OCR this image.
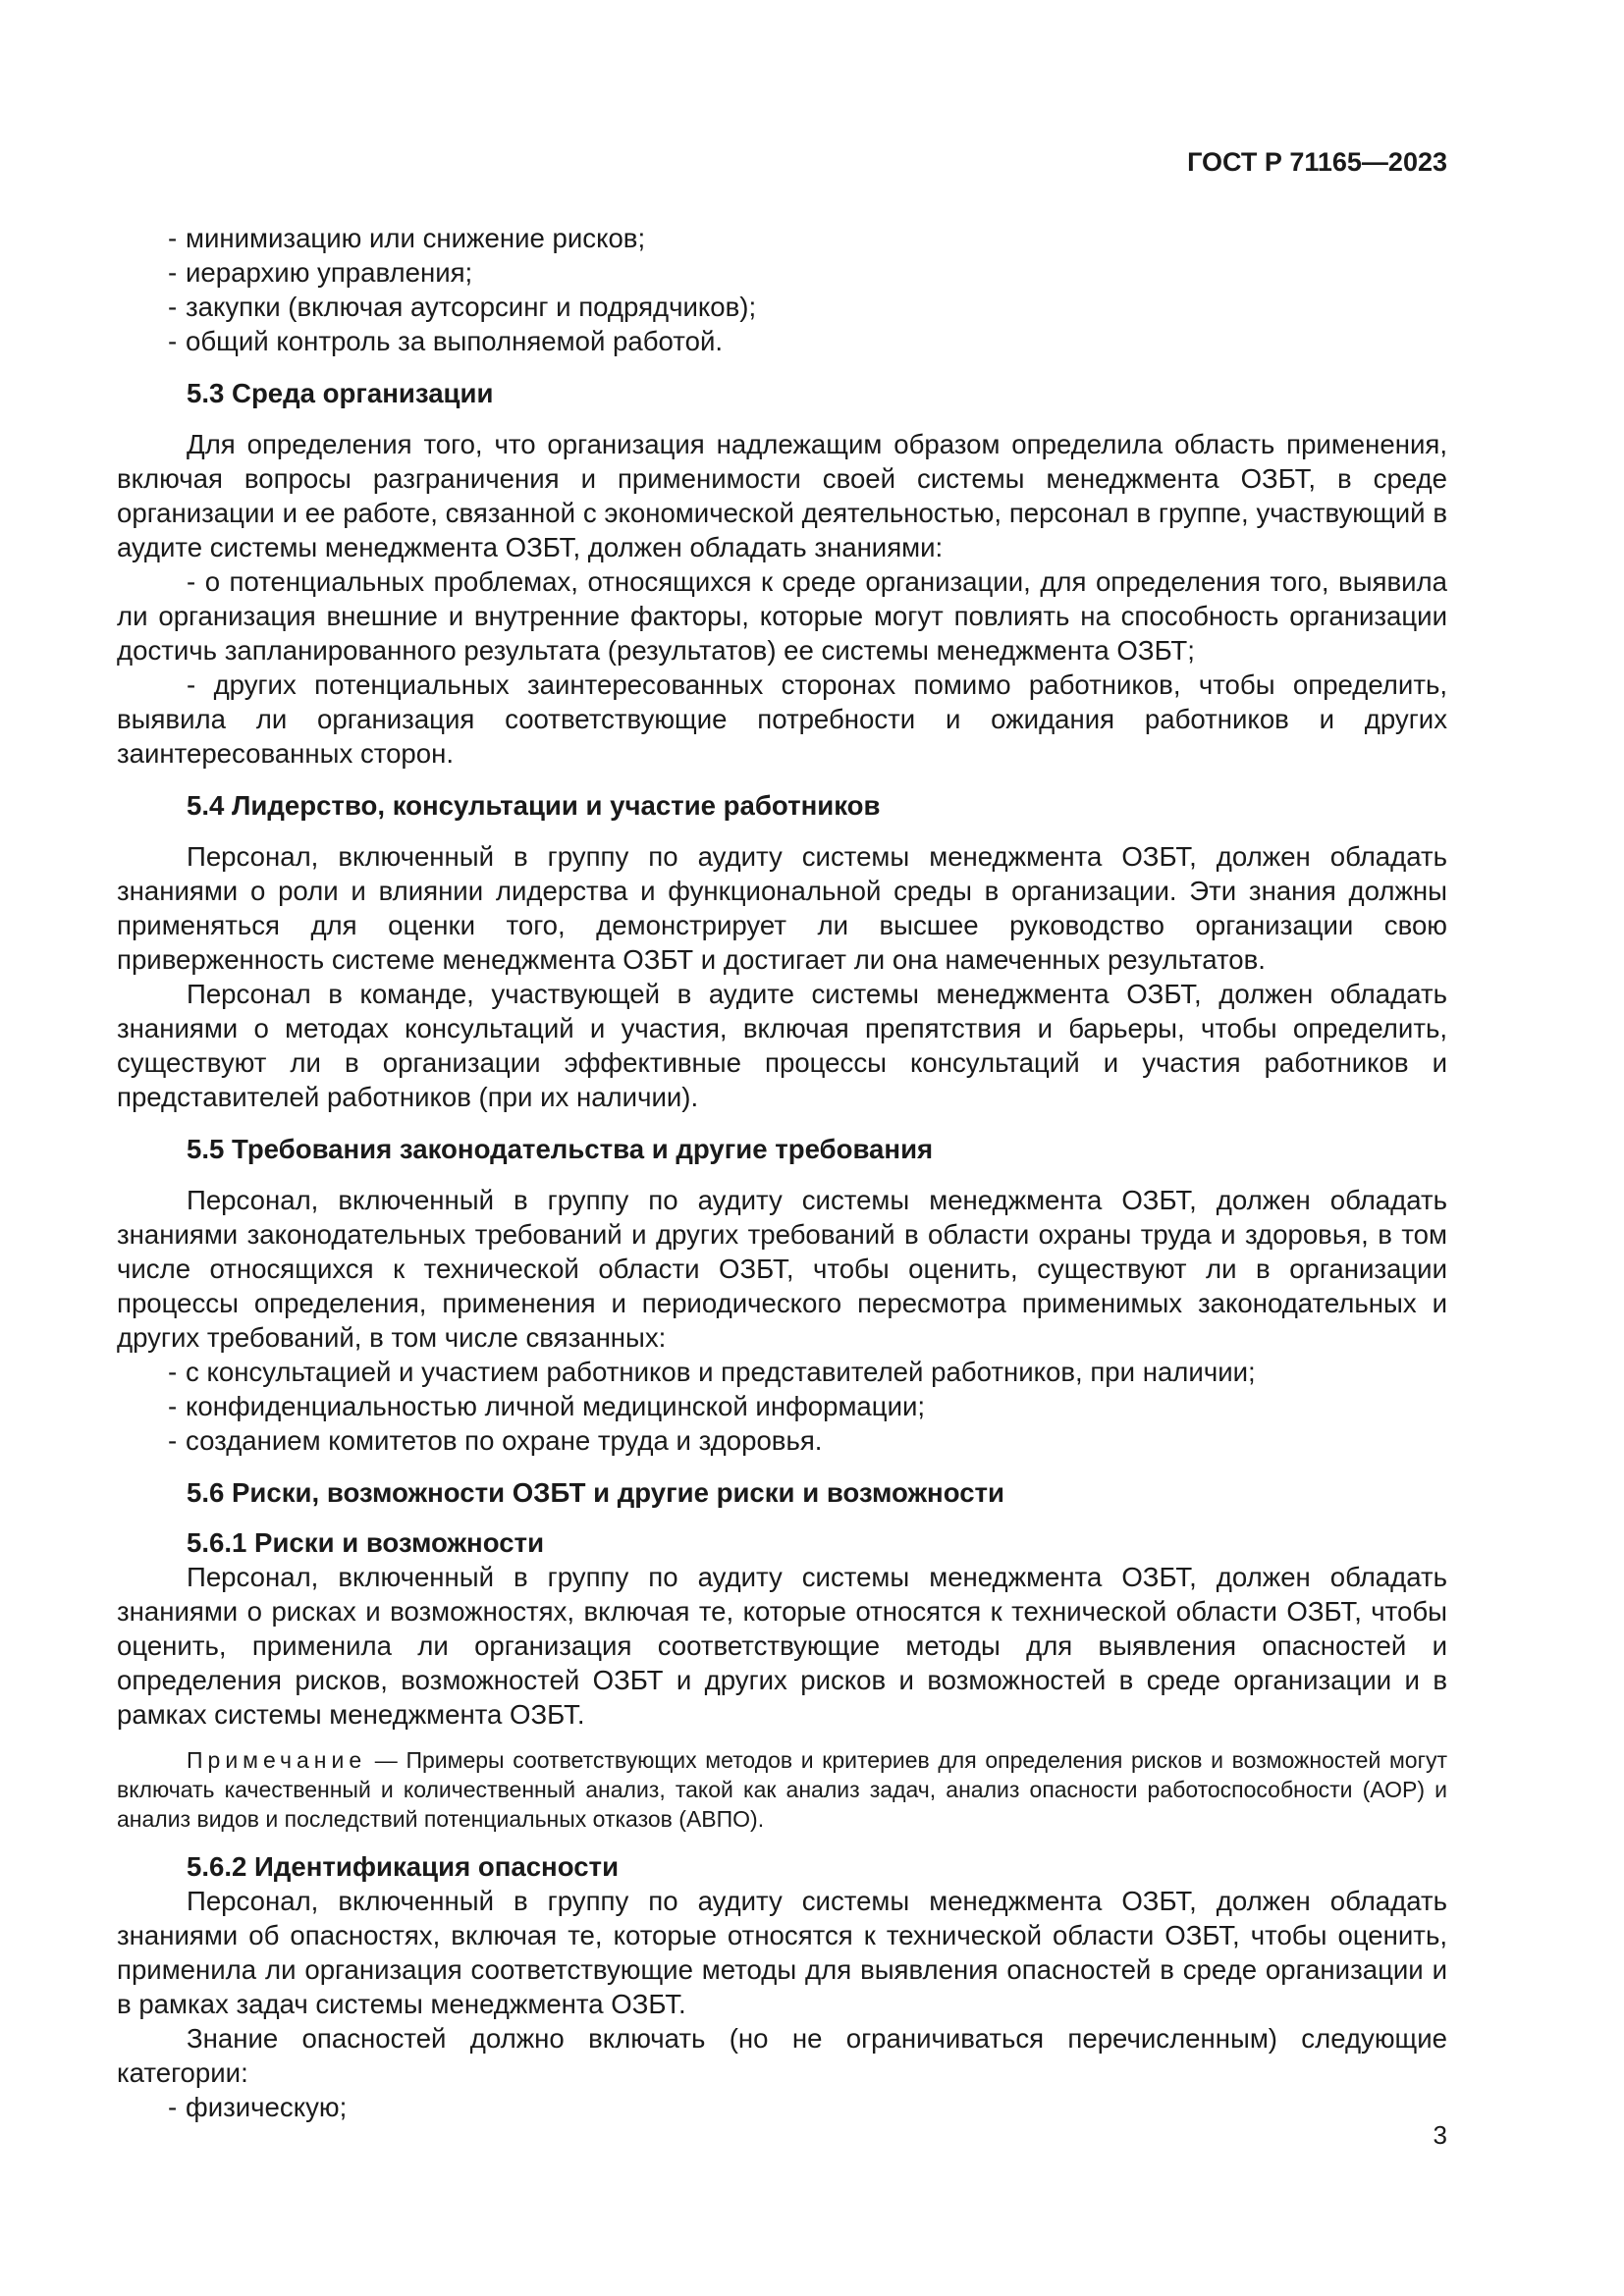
ГОСТ Р 71165—2023

- минимизацию или снижение рисков;

- иерархию управления;

- закупки (включая аутсорсинг и подрядчиков);

- общий контроль за выполняемой работой.

5.3 Среда организации

Для определения того, что организация надлежащим образом определила область применения, включая вопросы разграничения и применимости своей системы менеджмента ОЗБТ, в среде организации и ее работе, связанной с экономической деятельностью, персонал в группе, участвующий в аудите системы менеджмента ОЗБТ, должен обладать знаниями:

- о потенциальных проблемах, относящихся к среде организации, для определения того, выявила ли организация внешние и внутренние факторы, которые могут повлиять на способность организации достичь запланированного результата (результатов) ее системы менеджмента ОЗБТ;

- других потенциальных заинтересованных сторонах помимо работников, чтобы определить, выявила ли организация соответствующие потребности и ожидания работников и других заинтересованных сторон.

5.4 Лидерство, консультации и участие работников

Персонал, включенный в группу по аудиту системы менеджмента ОЗБТ, должен обладать знаниями о роли и влиянии лидерства и функциональной среды в организации. Эти знания должны применяться для оценки того, демонстрирует ли высшее руководство организации свою приверженность системе менеджмента ОЗБТ и достигает ли она намеченных результатов.

Персонал в команде, участвующей в аудите системы менеджмента ОЗБТ, должен обладать знаниями о методах консультаций и участия, включая препятствия и барьеры, чтобы определить, существуют ли в организации эффективные процессы консультаций и участия работников и представителей работников (при их наличии).

5.5 Требования законодательства и другие требования

Персонал, включенный в группу по аудиту системы менеджмента ОЗБТ, должен обладать знаниями законодательных требований и других требований в области охраны труда и здоровья, в том числе относящихся к технической области ОЗБТ, чтобы оценить, существуют ли в организации процессы определения, применения и периодического пересмотра применимых законодательных и других требований, в том числе связанных:

- с консультацией и участием работников и представителей работников, при наличии;

- конфиденциальностью личной медицинской информации;

- созданием комитетов по охране труда и здоровья.

5.6 Риски, возможности ОЗБТ и другие риски и возможности

5.6.1 Риски и возможности

Персонал, включенный в группу по аудиту системы менеджмента ОЗБТ, должен обладать знаниями о рисках и возможностях, включая те, которые относятся к технической области ОЗБТ, чтобы оценить, применила ли организация соответствующие методы для выявления опасностей и определения рисков, возможностей ОЗБТ и других рисков и возможностей в среде организации и в рамках системы менеджмента ОЗБТ.

Примечание — Примеры соответствующих методов и критериев для определения рисков и возможностей могут включать качественный и количественный анализ, такой как анализ задач, анализ опасности работоспособности (АОР) и анализ видов и последствий потенциальных отказов (АВПО).

5.6.2 Идентификация опасности

Персонал, включенный в группу по аудиту системы менеджмента ОЗБТ, должен обладать знаниями об опасностях, включая те, которые относятся к технической области ОЗБТ, чтобы оценить, применила ли организация соответствующие методы для выявления опасностей в среде организации и в рамках задач системы менеджмента ОЗБТ.

Знание опасностей должно включать (но не ограничиваться перечисленным) следующие категории:

- физическую;

3
